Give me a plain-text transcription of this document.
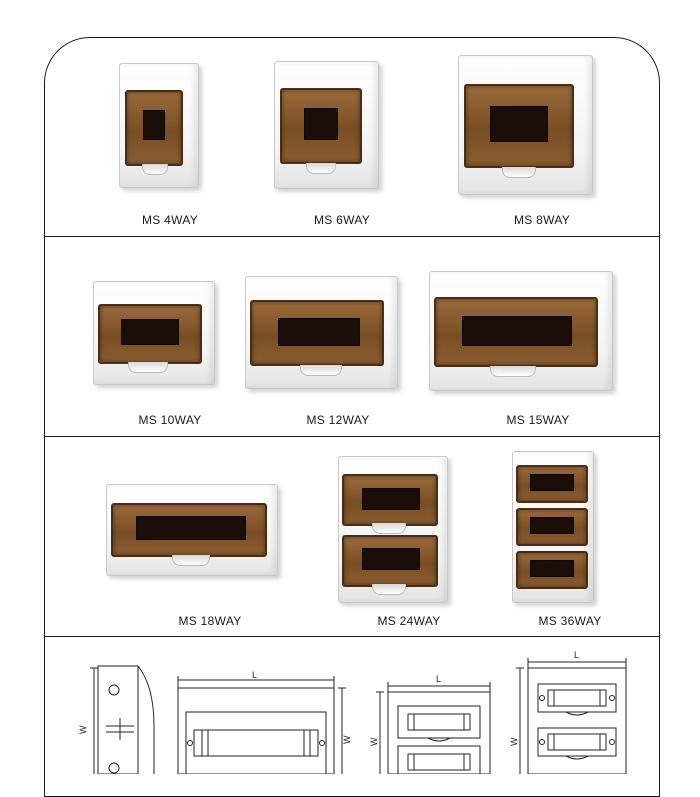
MS 4WAY	MS 6WAY	MS 8WAY
MS 10WAY	MS 12WAY	MS 15WAY
MS 18WAY	MS 24WAY	MS 36WAY
W
L
W
L
W
L
W
